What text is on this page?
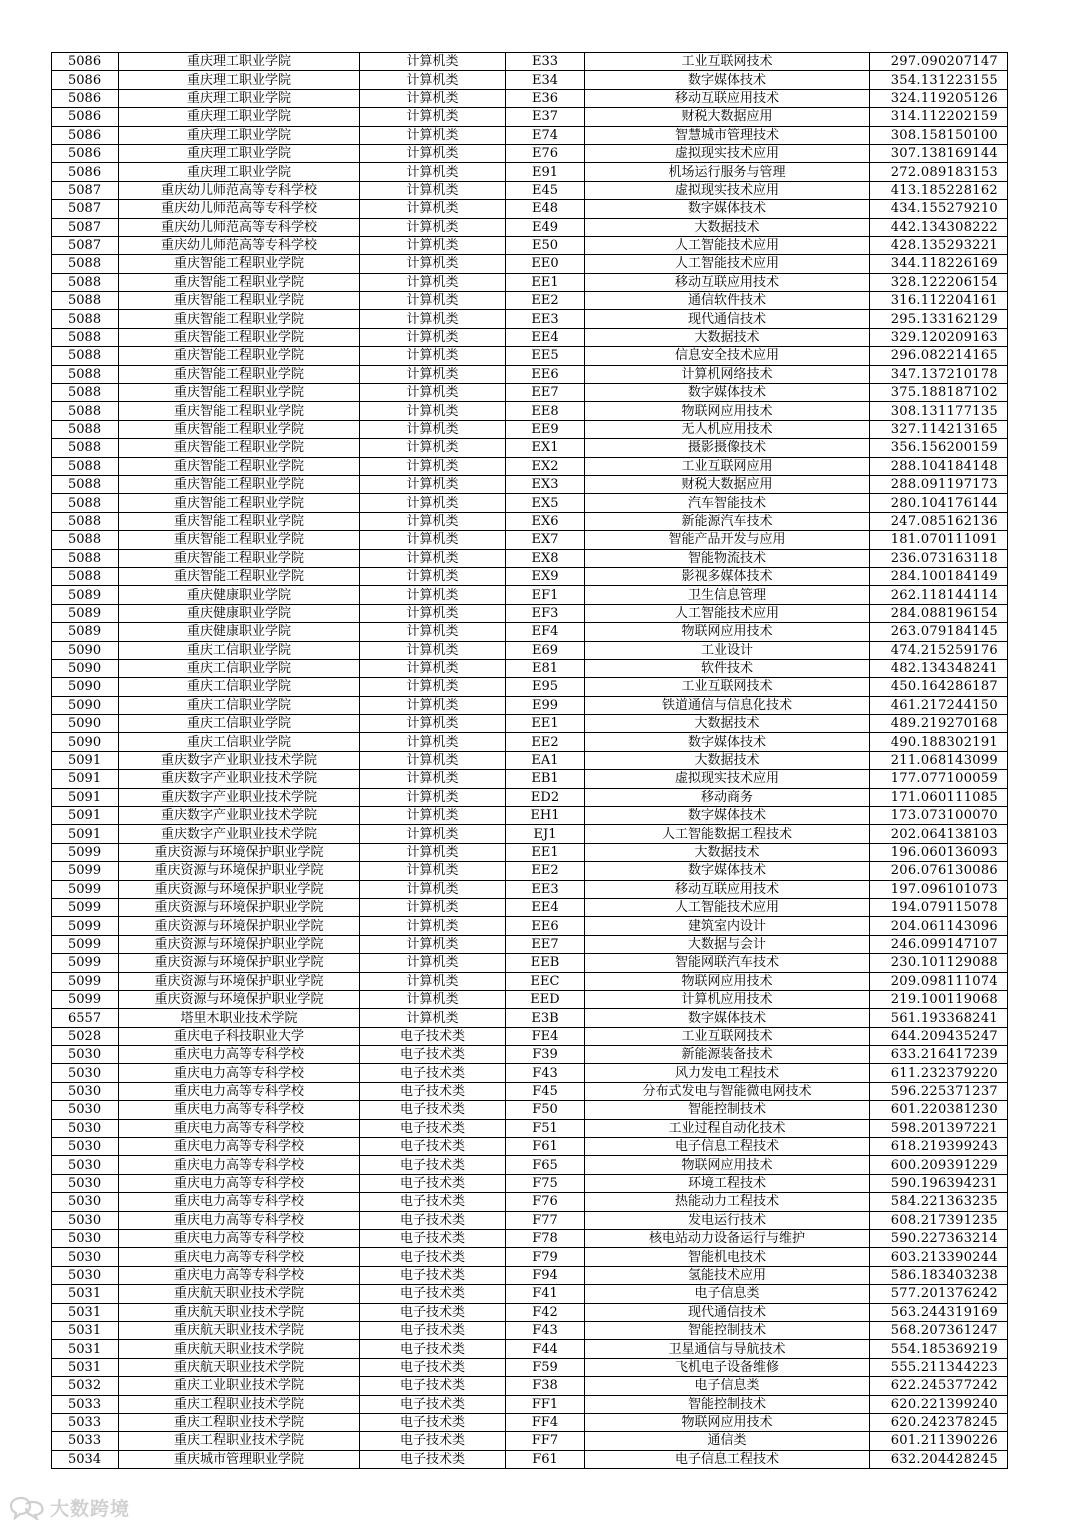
5086	重庆理工职业学院	计算机类	E33	工业互联网技术	297.090207147
5086	重庆理工职业学院	计算机类	E34	数字媒体技术	354.131223155
5086	重庆理工职业学院	计算机类	E36	移动互联应用技术	324.119205126
5086	重庆理工职业学院	计算机类	E37	财税大数据应用	314.112202159
5086	重庆理工职业学院	计算机类	E74	智慧城市管理技术	308.158150100
5086	重庆理工职业学院	计算机类	E76	虚拟现实技术应用	307.138169144
5086	重庆理工职业学院	计算机类	E91	机场运行服务与管理	272.089183153
5087	重庆幼儿师范高等专科学校	计算机类	E45	虚拟现实技术应用	413.185228162
5087	重庆幼儿师范高等专科学校	计算机类	E48	数字媒体技术	434.155279210
5087	重庆幼儿师范高等专科学校	计算机类	E49	大数据技术	442.134308222
5087	重庆幼儿师范高等专科学校	计算机类	E50	人工智能技术应用	428.135293221
5088	重庆智能工程职业学院	计算机类	EE0	人工智能技术应用	344.118226169
5088	重庆智能工程职业学院	计算机类	EE1	移动互联应用技术	328.122206154
5088	重庆智能工程职业学院	计算机类	EE2	通信软件技术	316.112204161
5088	重庆智能工程职业学院	计算机类	EE3	现代通信技术	295.133162129
5088	重庆智能工程职业学院	计算机类	EE4	大数据技术	329.120209163
5088	重庆智能工程职业学院	计算机类	EE5	信息安全技术应用	296.082214165
5088	重庆智能工程职业学院	计算机类	EE6	计算机网络技术	347.137210178
5088	重庆智能工程职业学院	计算机类	EE7	数字媒体技术	375.188187102
5088	重庆智能工程职业学院	计算机类	EE8	物联网应用技术	308.131177135
5088	重庆智能工程职业学院	计算机类	EE9	无人机应用技术	327.114213165
5088	重庆智能工程职业学院	计算机类	EX1	摄影摄像技术	356.156200159
5088	重庆智能工程职业学院	计算机类	EX2	工业互联网应用	288.104184148
5088	重庆智能工程职业学院	计算机类	EX3	财税大数据应用	288.091197173
5088	重庆智能工程职业学院	计算机类	EX5	汽车智能技术	280.104176144
5088	重庆智能工程职业学院	计算机类	EX6	新能源汽车技术	247.085162136
5088	重庆智能工程职业学院	计算机类	EX7	智能产品开发与应用	181.070111091
5088	重庆智能工程职业学院	计算机类	EX8	智能物流技术	236.073163118
5088	重庆智能工程职业学院	计算机类	EX9	影视多媒体技术	284.100184149
5089	重庆健康职业学院	计算机类	EF1	卫生信息管理	262.118144114
5089	重庆健康职业学院	计算机类	EF3	人工智能技术应用	284.088196154
5089	重庆健康职业学院	计算机类	EF4	物联网应用技术	263.079184145
5090	重庆工信职业学院	计算机类	E69	工业设计	474.215259176
5090	重庆工信职业学院	计算机类	E81	软件技术	482.134348241
5090	重庆工信职业学院	计算机类	E95	工业互联网技术	450.164286187
5090	重庆工信职业学院	计算机类	E99	铁道通信与信息化技术	461.217244150
5090	重庆工信职业学院	计算机类	EE1	大数据技术	489.219270168
5090	重庆工信职业学院	计算机类	EE2	数字媒体技术	490.188302191
5091	重庆数字产业职业技术学院	计算机类	EA1	大数据技术	211.068143099
5091	重庆数字产业职业技术学院	计算机类	EB1	虚拟现实技术应用	177.077100059
5091	重庆数字产业职业技术学院	计算机类	ED2	移动商务	171.060111085
5091	重庆数字产业职业技术学院	计算机类	EH1	数字媒体技术	173.073100070
5091	重庆数字产业职业技术学院	计算机类	EJ1	人工智能数据工程技术	202.064138103
5099	重庆资源与环境保护职业学院	计算机类	EE1	大数据技术	196.060136093
5099	重庆资源与环境保护职业学院	计算机类	EE2	数字媒体技术	206.076130086
5099	重庆资源与环境保护职业学院	计算机类	EE3	移动互联应用技术	197.096101073
5099	重庆资源与环境保护职业学院	计算机类	EE4	人工智能技术应用	194.079115078
5099	重庆资源与环境保护职业学院	计算机类	EE6	建筑室内设计	204.061143096
5099	重庆资源与环境保护职业学院	计算机类	EE7	大数据与会计	246.099147107
5099	重庆资源与环境保护职业学院	计算机类	EEB	智能网联汽车技术	230.101129088
5099	重庆资源与环境保护职业学院	计算机类	EEC	物联网应用技术	209.098111074
5099	重庆资源与环境保护职业学院	计算机类	EED	计算机应用技术	219.100119068
6557	塔里木职业技术学院	计算机类	E3B	数字媒体技术	561.193368241
5028	重庆电子科技职业大学	电子技术类	FE4	工业互联网技术	644.209435247
5030	重庆电力高等专科学校	电子技术类	F39	新能源装备技术	633.216417239
5030	重庆电力高等专科学校	电子技术类	F43	风力发电工程技术	611.232379220
5030	重庆电力高等专科学校	电子技术类	F45	分布式发电与智能微电网技术	596.225371237
5030	重庆电力高等专科学校	电子技术类	F50	智能控制技术	601.220381230
5030	重庆电力高等专科学校	电子技术类	F51	工业过程自动化技术	598.201397221
5030	重庆电力高等专科学校	电子技术类	F61	电子信息工程技术	618.219399243
5030	重庆电力高等专科学校	电子技术类	F65	物联网应用技术	600.209391229
5030	重庆电力高等专科学校	电子技术类	F75	环境工程技术	590.196394231
5030	重庆电力高等专科学校	电子技术类	F76	热能动力工程技术	584.221363235
5030	重庆电力高等专科学校	电子技术类	F77	发电运行技术	608.217391235
5030	重庆电力高等专科学校	电子技术类	F78	核电站动力设备运行与维护	590.227363214
5030	重庆电力高等专科学校	电子技术类	F79	智能机电技术	603.213390244
5030	重庆电力高等专科学校	电子技术类	F94	氢能技术应用	586.183403238
5031	重庆航天职业技术学院	电子技术类	F41	电子信息类	577.201376242
5031	重庆航天职业技术学院	电子技术类	F42	现代通信技术	563.244319169
5031	重庆航天职业技术学院	电子技术类	F43	智能控制技术	568.207361247
5031	重庆航天职业技术学院	电子技术类	F44	卫星通信与导航技术	554.185369219
5031	重庆航天职业技术学院	电子技术类	F59	飞机电子设备维修	555.211344223
5032	重庆工业职业技术学院	电子技术类	F38	电子信息类	622.245377242
5033	重庆工程职业技术学院	电子技术类	FF1	智能控制技术	620.221399240
5033	重庆工程职业技术学院	电子技术类	FF4	物联网应用技术	620.242378245
5033	重庆工程职业技术学院	电子技术类	FF7	通信类	601.211390226
5034	重庆城市管理职业学院	电子技术类	F61	电子信息工程技术	632.204428245
大数跨境
